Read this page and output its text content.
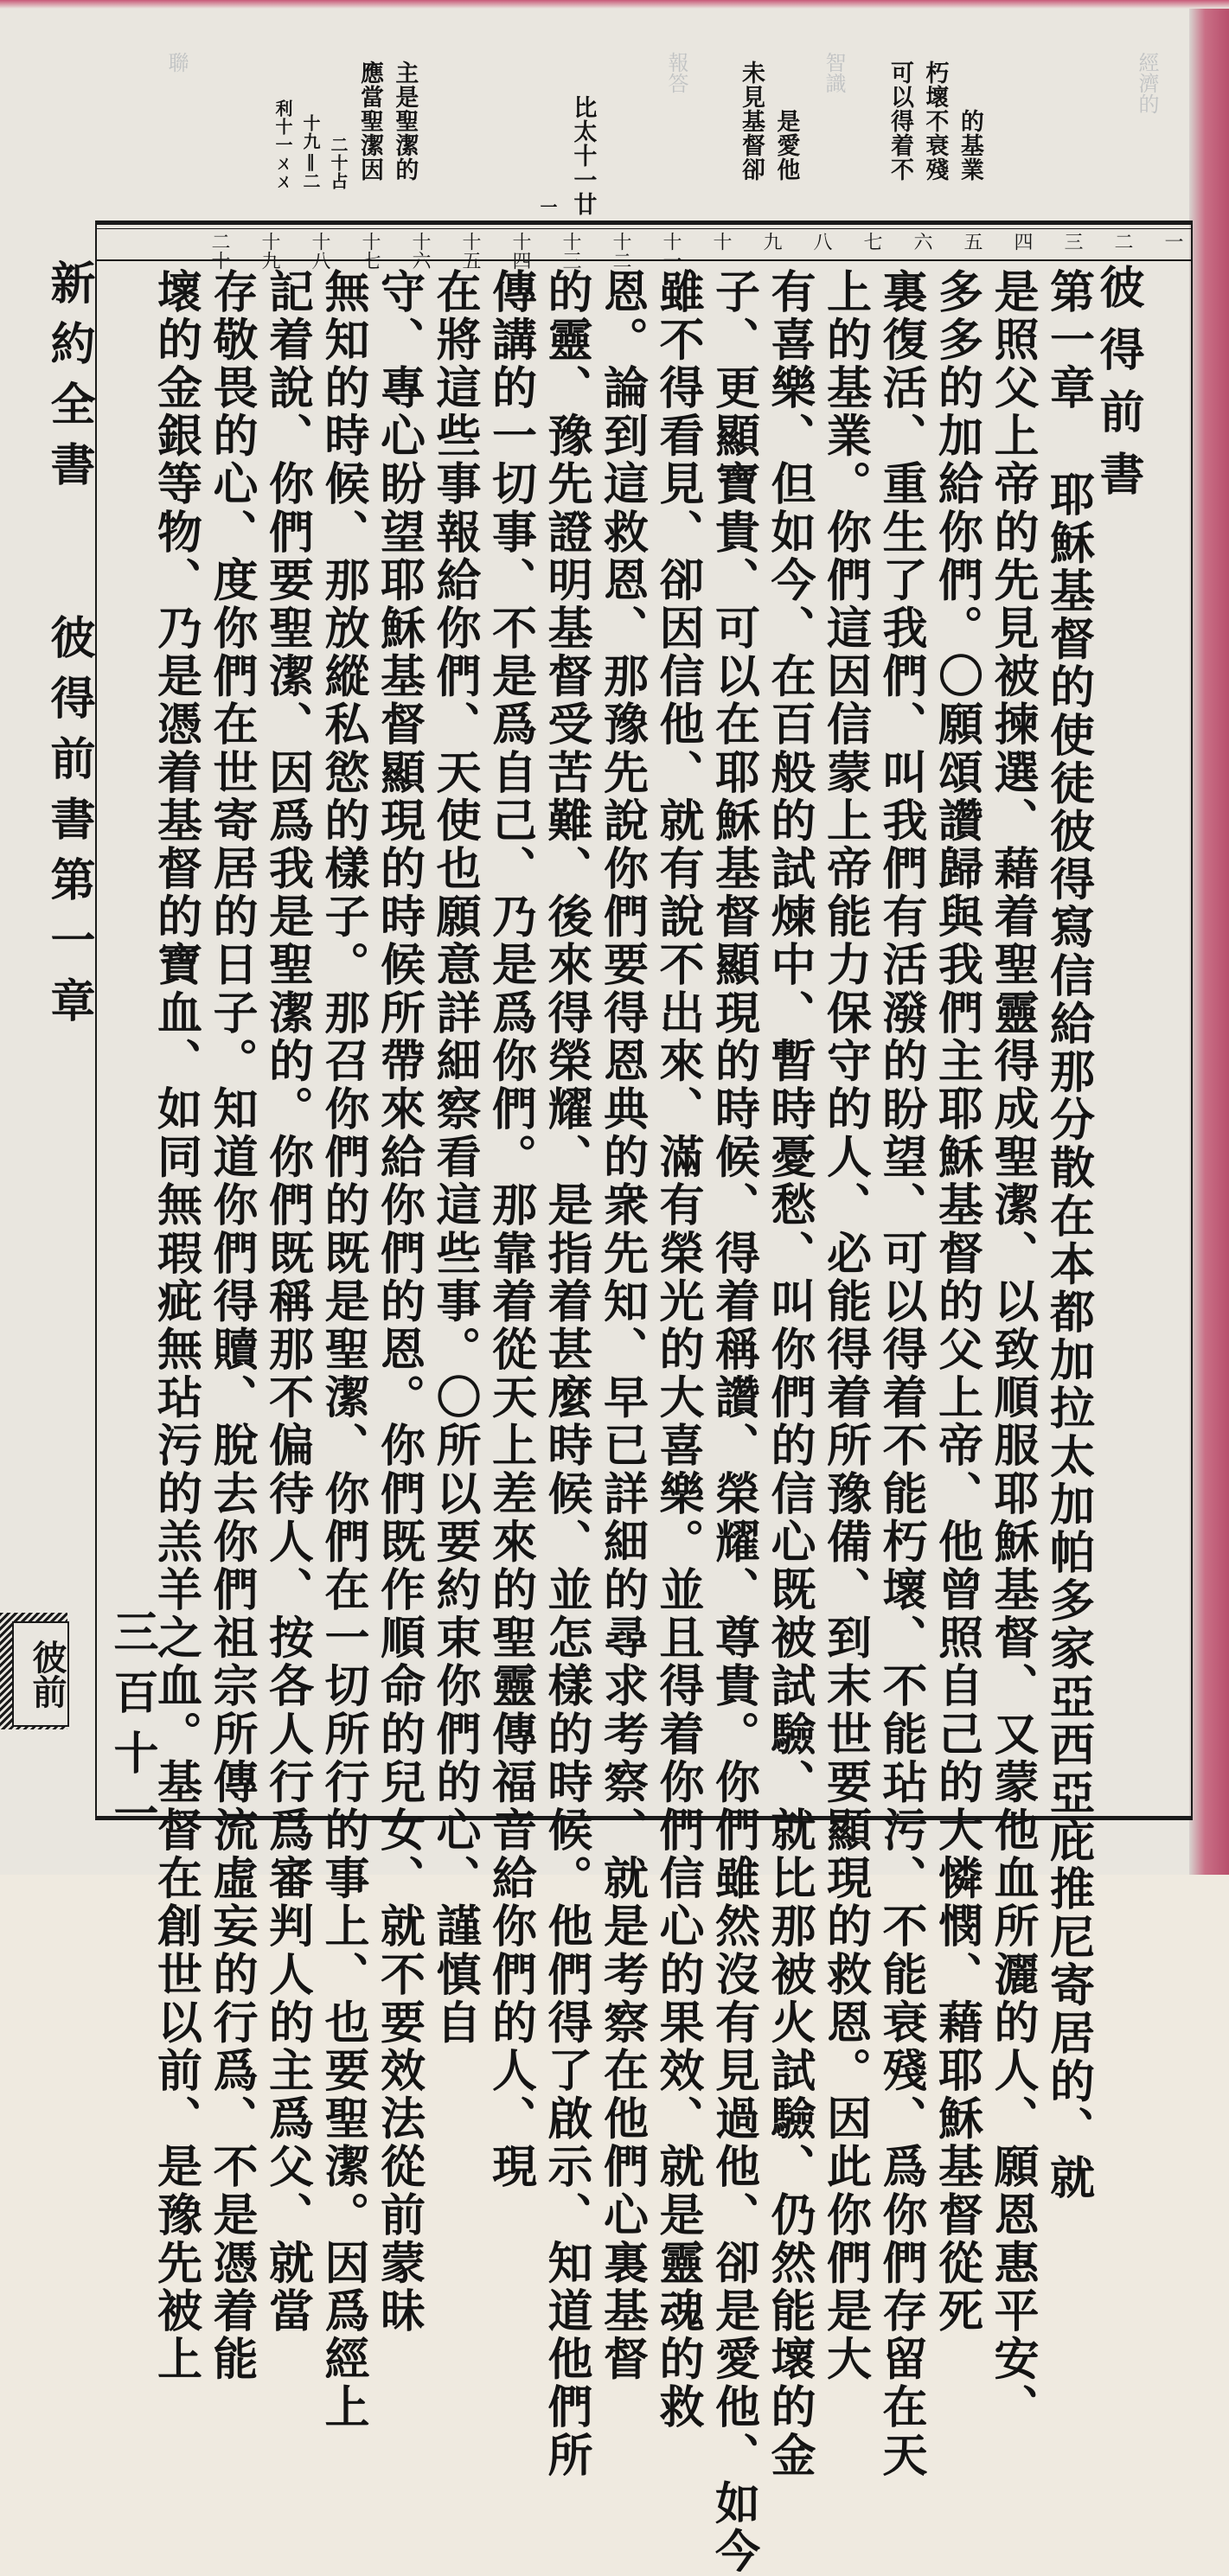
經濟的
智識
報答
聯	可以得着不 朽壞不衰殘 的基業
未見基督卻 是愛他
一 比太十一廿
應當聖潔因 主是聖潔的
利十一ㄨㄨ 十九‖二 二十占
一
二
三
四
五
六
七
八
九
十
十一
十二
十三
十四
十五
十六
十七
十八
十九
二十
彼得前書
耶穌基督的使徒彼得寫信給那分散在本都加拉太加帕多家亞西亞庇推尼寄居的、就
是照父上帝的先見被揀選、藉着聖靈得成聖潔、以致順服耶穌基督、又蒙他血所灑的人、願恩惠平安、
多多的加給你們。〇願頌讚歸與我們主耶穌基督的父上帝、他曾照自己的大憐憫、藉耶穌基督從死
裏復活、重生了我們、叫我們有活潑的盼望、可以得着不能朽壞、不能玷污、不能衰殘、爲你們存留在天
上的基業。你們這因信蒙上帝能力保守的人、必能得着所豫備、到末世要顯現的救恩。因此你們是大
有喜樂、但如今、在百般的試煉中、暫時憂愁、叫你們的信心既被試驗、就比那被火試驗、仍然能壞的金
子、更顯寶貴、可以在耶穌基督顯現的時候、得着稱讚、榮耀、尊貴。你們雖然沒有見過他、卻是愛他、如今
雖不得看見、卻因信他、就有說不出來、滿有榮光的大喜樂。並且得着你們信心的果效、就是靈魂的救
恩。論到這救恩、那豫先說你們要得恩典的衆先知、早已詳細的尋求考察、就是考察在他們心裏基督
的靈、豫先證明基督受苦難、後來得榮耀、是指着甚麼時候、並怎樣的時候。他們得了啟示、知道他們所
傳講的一切事、不是爲自己、乃是爲你們。那靠着從天上差來的聖靈傳福音給你們的人、現
在將這些事報給你們、天使也願意詳細察看這些事。〇所以要約束你們的心、謹慎自
守、專心盼望耶穌基督顯現的時候所帶來給你們的恩。你們既作順命的兒女、就不要效法從前蒙昧
無知的時候、那放縱私慾的樣子。那召你們的既是聖潔、你們在一切所行的事上、也要聖潔。因爲經上
記着說、你們要聖潔、因爲我是聖潔的。你們既稱那不偏待人、按各人行爲審判人的主爲父、就當
存敬畏的心、度你們在世寄居的日子。知道你們得贖、脫去你們祖宗所傳流虛妄的行爲、不是憑着能
壞的金銀等物、乃是憑着基督的寶血、如同無瑕疵無玷污的羔羊之血。基督在創世以前、是豫先被上	第一章
新約全書
彼得前書
第一章
三百十一
彼前
